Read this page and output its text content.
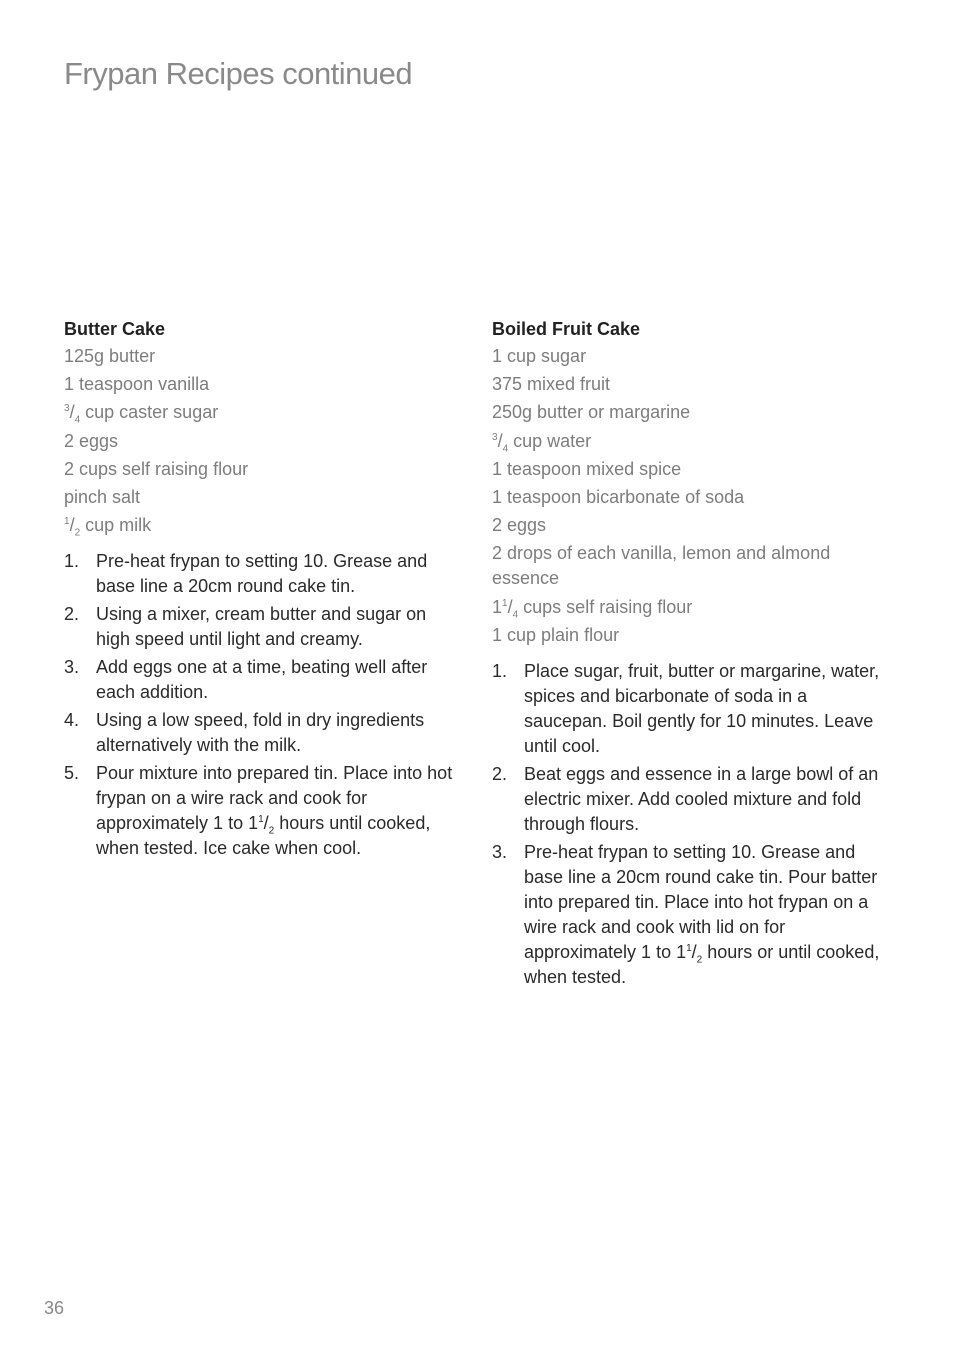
Frypan Recipes continued
Butter Cake
125g butter
1 teaspoon vanilla
$^3/_4$ cup caster sugar
2 eggs
2 cups self raising flour
pinch salt
$^1/_2$ cup milk
1. Pre-heat frypan to setting 10. Grease and base line a 20cm round cake tin.
2. Using a mixer, cream butter and sugar on high speed until light and creamy.
3. Add eggs one at a time, beating well after each addition.
4. Using a low speed, fold in dry ingredients alternatively with the milk.
5. Pour mixture into prepared tin. Place into hot frypan on a wire rack and cook for approximately 1 to $1^1/_2$ hours until cooked, when tested. Ice cake when cool.
Boiled Fruit Cake
1 cup sugar
375 mixed fruit
250g butter or margarine
$^3/_4$ cup water
1 teaspoon mixed spice
1 teaspoon bicarbonate of soda
2 eggs
2 drops of each vanilla, lemon and almond essence
$1^1/_4$ cups self raising flour
1 cup plain flour
1. Place sugar, fruit, butter or margarine, water, spices and bicarbonate of soda in a saucepan. Boil gently for 10 minutes. Leave until cool.
2. Beat eggs and essence in a large bowl of an electric mixer. Add cooled mixture and fold through flours.
3. Pre-heat frypan to setting 10. Grease and base line a 20cm round cake tin. Pour batter into prepared tin. Place into hot frypan on a wire rack and cook with lid on for approximately 1 to $1^1/_2$ hours or until cooked, when tested.
36
